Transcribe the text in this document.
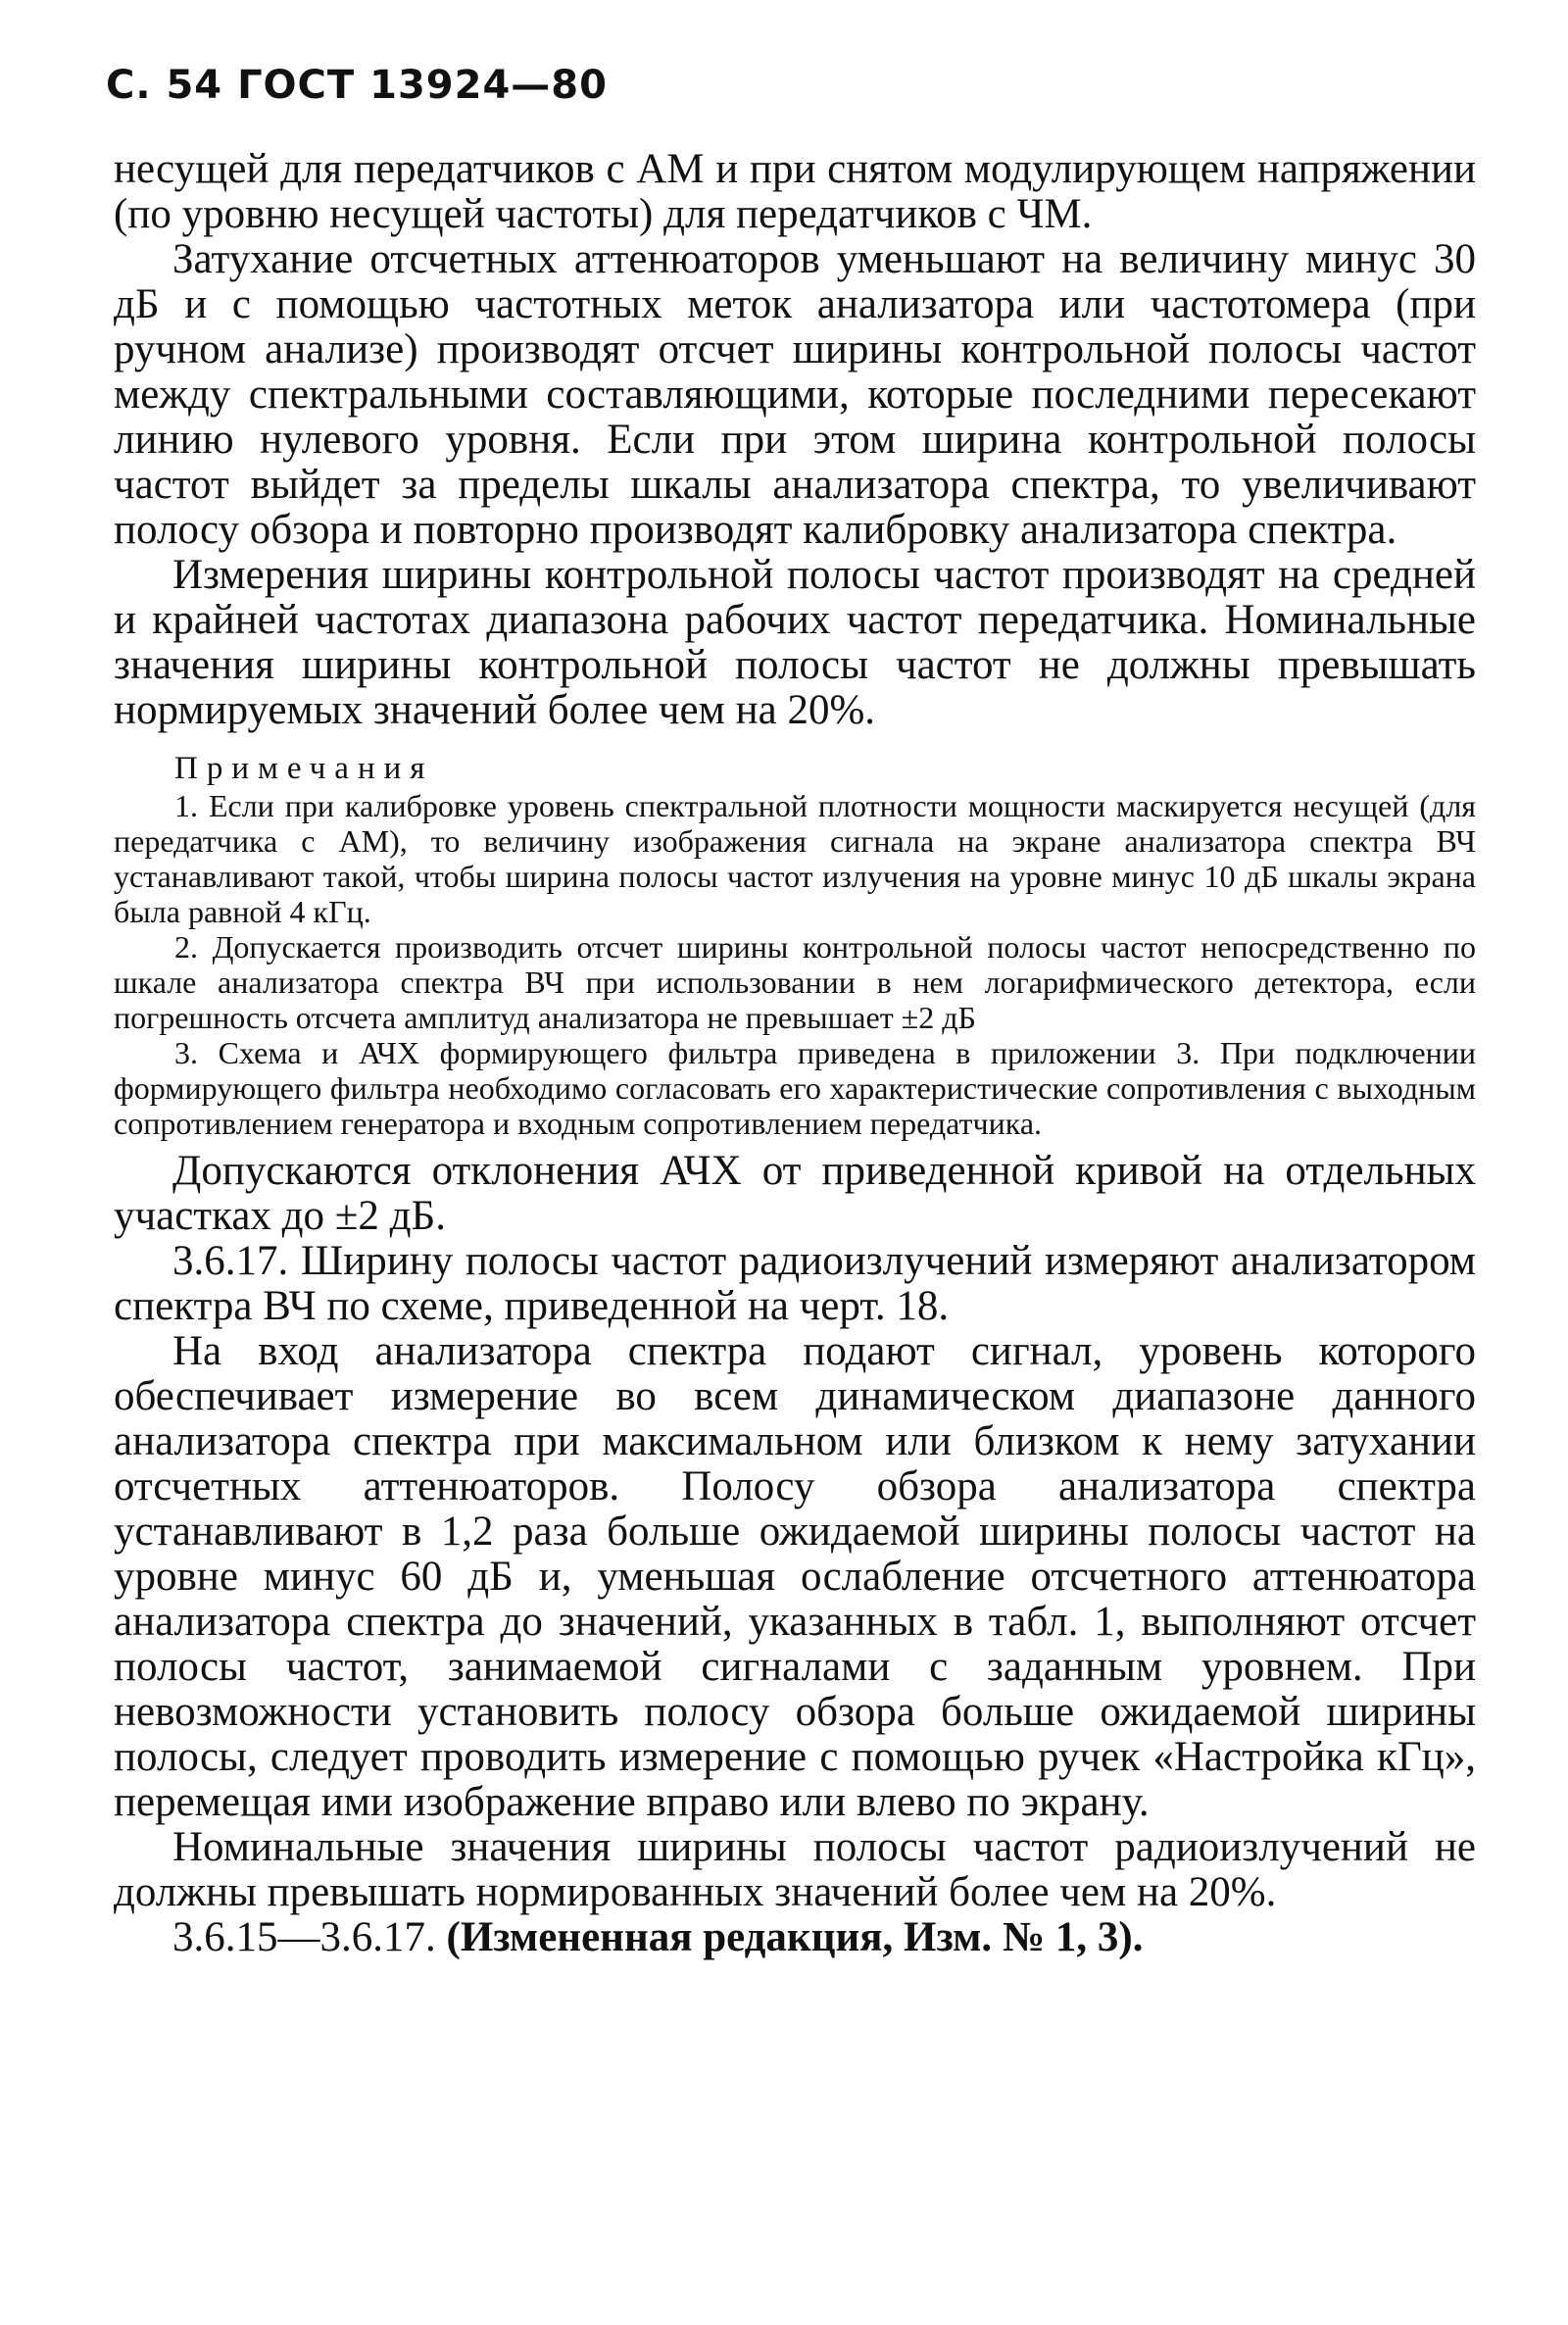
С. 54 ГОСТ 13924—80

несущей для передатчиков с АМ и при снятом модулирующем напряжении (по уровню несущей частоты) для передатчиков с ЧМ.

Затухание отсчетных аттенюаторов уменьшают на величину минус 30 дБ и с помощью частотных меток анализатора или частотомера (при ручном анализе) производят отсчет ширины контрольной полосы частот между спектральными составляющими, которые последними пересекают линию нулевого уровня. Если при этом ширина контрольной полосы частот выйдет за пределы шкалы анализатора спектра, то увеличивают полосу обзора и повторно производят калибровку анализатора спектра.

Измерения ширины контрольной полосы частот производят на средней и крайней частотах диапазона рабочих частот передатчика. Номинальные значения ширины контрольной полосы частот не должны превышать нормируемых значений более чем на 20%.

Примечания

1. Если при калибровке уровень спектральной плотности мощности маскируется несущей (для передатчика с АМ), то величину изображения сигнала на экране анализатора спектра ВЧ устанавливают такой, чтобы ширина полосы частот излучения на уровне минус 10 дБ шкалы экрана была равной 4 кГц.

2. Допускается производить отсчет ширины контрольной полосы частот непосредственно по шкале анализатора спектра ВЧ при использовании в нем логарифмического детектора, если погрешность отсчета амплитуд анализатора не превышает ±2 дБ

3. Схема и АЧХ формирующего фильтра приведена в приложении 3. При подключении формирующего фильтра необходимо согласовать его характеристические сопротивления с выходным сопротивлением генератора и входным сопротивлением передатчика.

Допускаются отклонения АЧХ от приведенной кривой на отдельных участках до ±2 дБ.

3.6.17. Ширину полосы частот радиоизлучений измеряют анализатором спектра ВЧ по схеме, приведенной на черт. 18.

На вход анализатора спектра подают сигнал, уровень которого обеспечивает измерение во всем динамическом диапазоне данного анализатора спектра при максимальном или близком к нему затухании отсчетных аттенюаторов. Полосу обзора анализатора спектра устанавливают в 1,2 раза больше ожидаемой ширины полосы частот на уровне минус 60 дБ и, уменьшая ослабление отсчетного аттенюатора анализатора спектра до значений, указанных в табл. 1, выполняют отсчет полосы частот, занимаемой сигналами с заданным уровнем. При невозможности установить полосу обзора больше ожидаемой ширины полосы, следует проводить измерение с помощью ручек «Настройка кГц», перемещая ими изображение вправо или влево по экрану.

Номинальные значения ширины полосы частот радиоизлучений не должны превышать нормированных значений более чем на 20%.

3.6.15—3.6.17. (Измененная редакция, Изм. № 1, 3).
